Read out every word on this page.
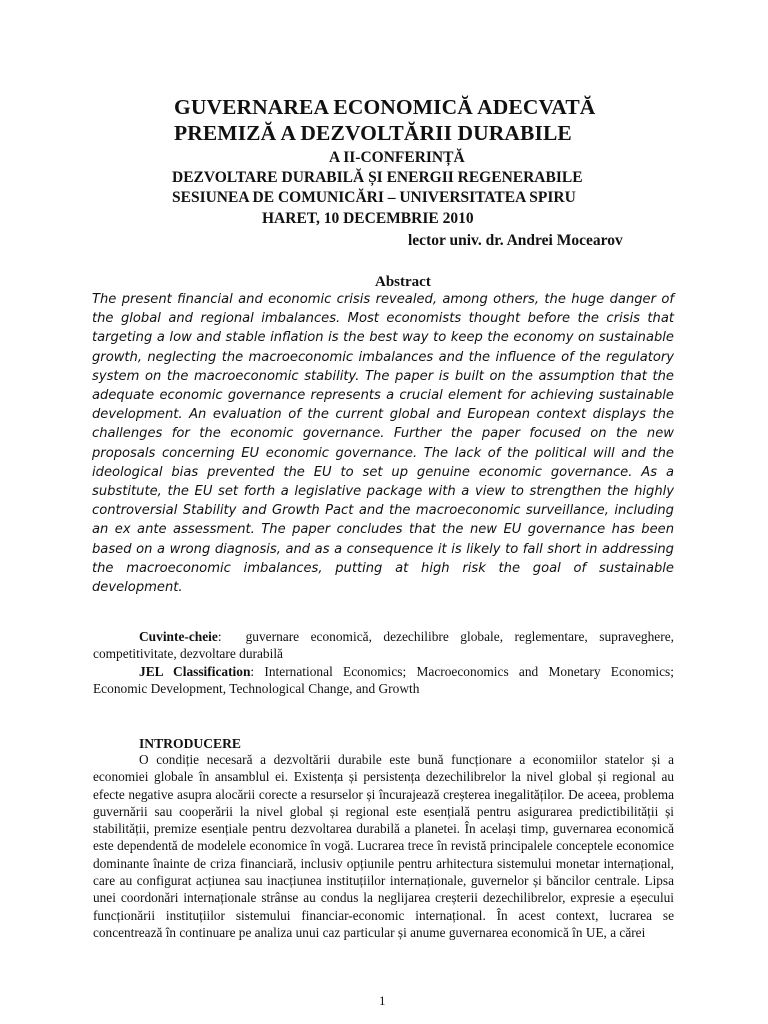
GUVERNAREA ECONOMICĂ ADECVATĂ
PREMIZĂ A DEZVOLTĂRII DURABILE
A II-CONFERINȚĂ
DEZVOLTARE DURABILĂ ȘI ENERGII REGENERABILE
SESIUNEA DE COMUNICĂRI – UNIVERSITATEA SPIRU
HARET, 10 DECEMBRIE 2010
lector univ. dr. Andrei Mocearov
Abstract

The present financial and economic crisis revealed, among others, the huge danger of the global and regional imbalances. Most economists thought before the crisis that targeting a low and stable inflation is the best way to keep the economy on sustainable growth, neglecting the macroeconomic imbalances and the influence of the regulatory system on the macroeconomic stability. The paper is built on the assumption that the adequate economic governance represents a crucial element for achieving sustainable development. An evaluation of the current global and European context displays the challenges for the economic governance. Further the paper focused on the new proposals concerning EU economic governance. The lack of the political will and the ideological bias prevented the EU to set up genuine economic governance. As a substitute, the EU set forth a legislative package with a view to strengthen the highly controversial Stability and Growth Pact and the macroeconomic surveillance, including an ex ante assessment. The paper concludes that the new EU governance has been based on a wrong diagnosis, and as a consequence it is likely to fall short in addressing the macroeconomic imbalances, putting at high risk the goal of sustainable development.

Cuvinte-cheie: guvernare economică, dezechilibre globale, reglementare, supraveghere, competitivitate, dezvoltare durabilă

JEL Classification: International Economics; Macroeconomics and Monetary Economics; Economic Development, Technological Change, and Growth

INTRODUCERE

O condiție necesară a dezvoltării durabile este bună funcționare a economiilor statelor și a economiei globale în ansamblul ei. Existența și persistența dezechilibrelor la nivel global și regional au efecte negative asupra alocării corecte a resurselor și încurajează creșterea inegalităților. De aceea, problema guvernării sau cooperării la nivel global și regional este esențială pentru asigurarea predictibilității și stabilității, premize esențiale pentru dezvoltarea durabilă a planetei. În același timp, guvernarea economică este dependentă de modelele economice în vogă. Lucrarea trece în revistă principalele conceptele economice dominante înainte de criza financiară, inclusiv opțiunile pentru arhitectura sistemului monetar internațional, care au configurat acțiunea sau inacțiunea instituțiilor internaționale, guvernelor și băncilor centrale. Lipsa unei coordonări internaționale strânse au condus la neglijarea creșterii dezechilibrelor, expresie a eșecului funcționării instituțiilor sistemului financiar-economic internațional. În acest context, lucrarea se concentrează în continuare pe analiza unui caz particular și anume guvernarea economică în UE, a cărei

1
